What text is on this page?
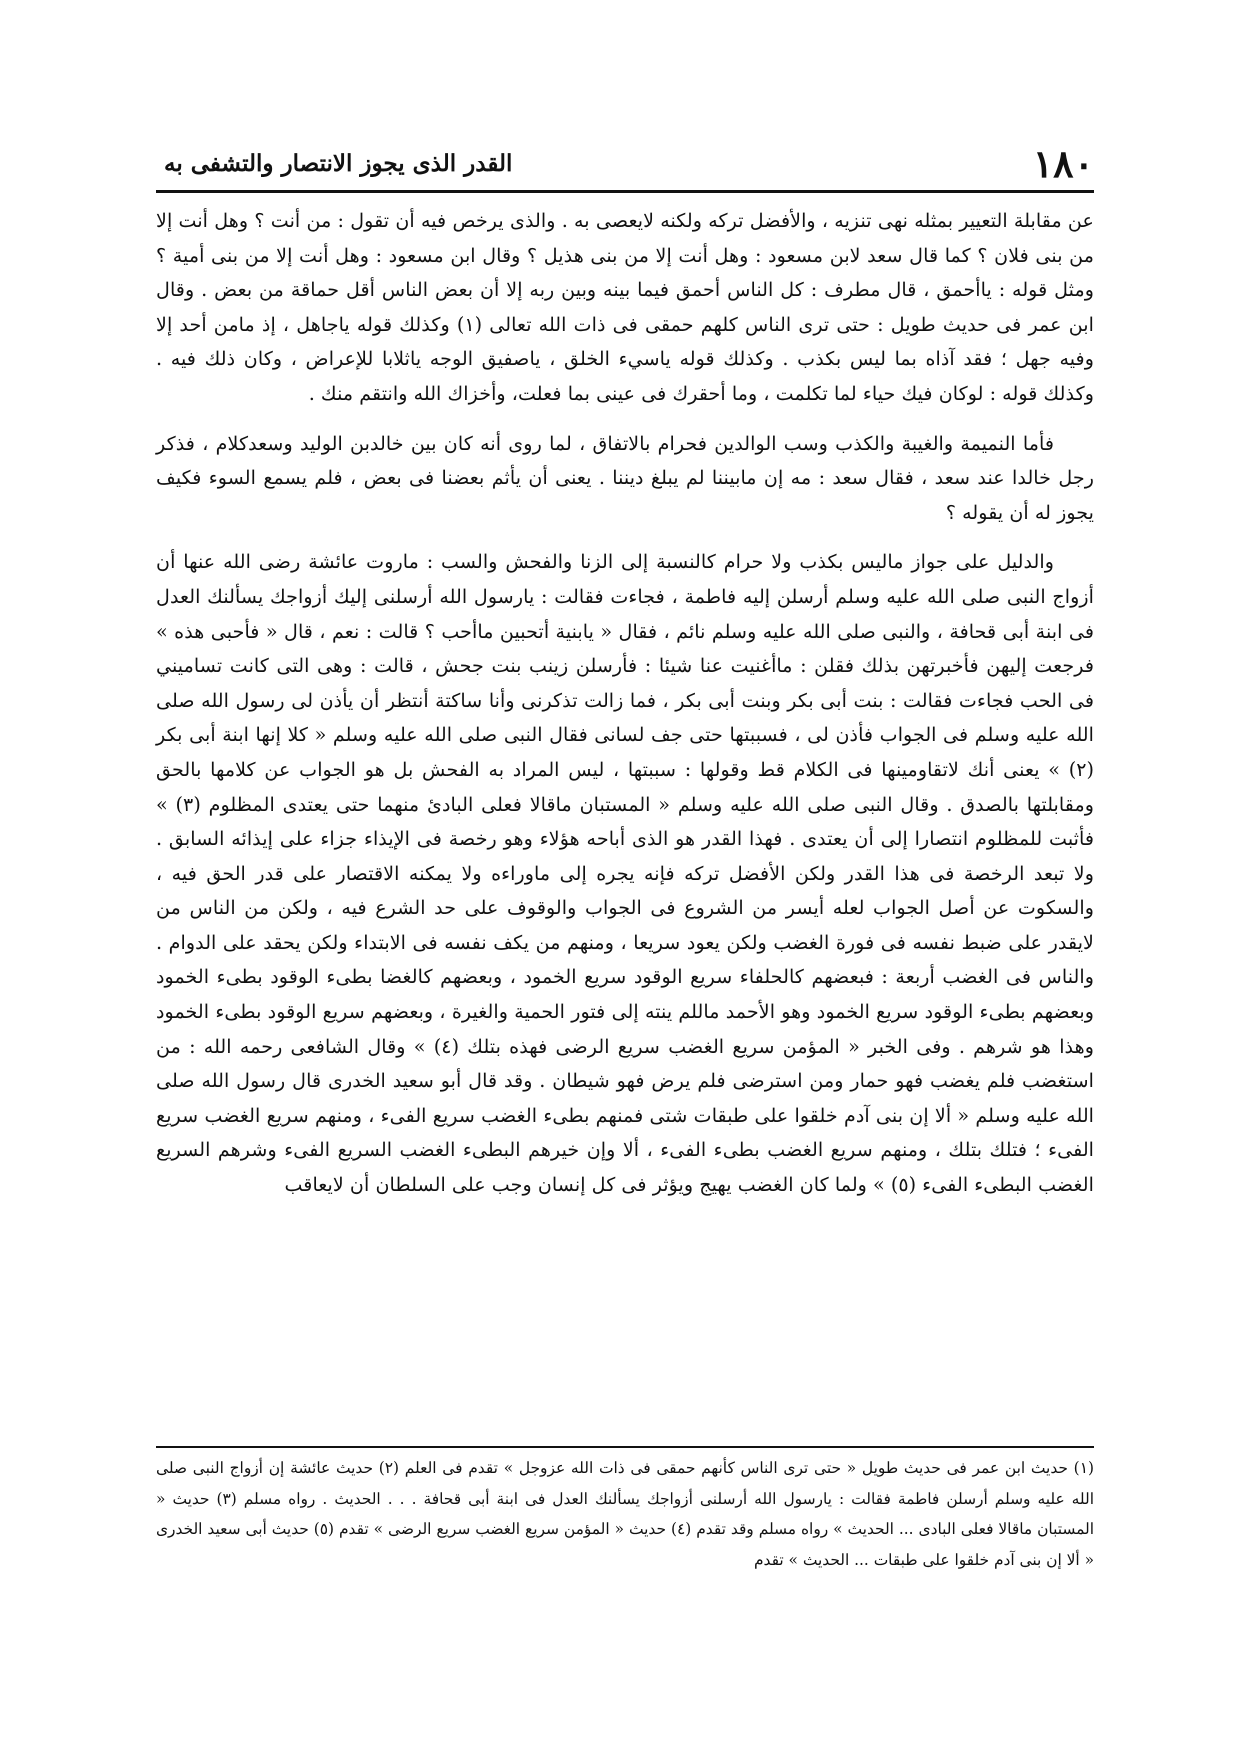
١٨٠
القدر الذى يجوز الانتصار والتشفى به

عن مقابلة التعيير بمثله نهى تنزيه ، والأفضل تركه ولكنه لايعصى به . والذى يرخص فيه أن تقول : من أنت ؟ وهل أنت إلا من بنى فلان ؟ كما قال سعد لابن مسعود : وهل أنت إلا من بنى هذيل ؟ وقال ابن مسعود : وهل أنت إلا من بنى أمية ؟ ومثل قوله : ياأحمق ، قال مطرف : كل الناس أحمق فيما بينه وبين ربه إلا أن بعض الناس أقل حماقة من بعض . وقال ابن عمر فى حديث طويل : حتى ترى الناس كلهم حمقى فى ذات الله تعالى (١) وكذلك قوله ياجاهل ، إذ مامن أحد إلا وفيه جهل ؛ فقد آذاه بما ليس بكذب . وكذلك قوله ياسيء الخلق ، ياصفيق الوجه ياثلابا للإعراض ، وكان ذلك فيه . وكذلك قوله : لوكان فيك حياء لما تكلمت ، وما أحقرك فى عينى بما فعلت، وأخزاك الله وانتقم منك .

فأما النميمة والغيبة والكذب وسب الوالدين فحرام بالاتفاق ، لما روى أنه كان بين خالدبن الوليد وسعدكلام ، فذكر رجل خالدا عند سعد ، فقال سعد : مه إن مابيننا لم يبلغ ديننا . يعنى أن يأثم بعضنا فى بعض ، فلم يسمع السوء فكيف يجوز له أن يقوله ؟

والدليل على جواز ماليس بكذب ولا حرام كالنسبة إلى الزنا والفحش والسب : ماروت عائشة رضى الله عنها أن أزواج النبى صلى الله عليه وسلم أرسلن إليه فاطمة ، فجاءت فقالت : يارسول الله أرسلنى إليك أزواجك يسألنك العدل فى ابنة أبى قحافة ، والنبى صلى الله عليه وسلم نائم ، فقال « يابنية أتحبين ماأحب ؟ قالت : نعم ، قال « فأحبى هذه » فرجعت إليهن فأخبرتهن بذلك فقلن : ماأغنيت عنا شيئا : فأرسلن زينب بنت جحش ، قالت : وهى التى كانت تساميني فى الحب فجاءت فقالت : بنت أبى بكر وبنت أبى بكر ، فما زالت تذكرنى وأنا ساكتة أنتظر أن يأذن لى رسول الله صلى الله عليه وسلم فى الجواب فأذن لى ، فسببتها حتى جف لسانى فقال النبى صلى الله عليه وسلم « كلا إنها ابنة أبى بكر (٢) » يعنى أنك لاتقاومينها فى الكلام قط وقولها : سببتها ، ليس المراد به الفحش بل هو الجواب عن كلامها بالحق ومقابلتها بالصدق . وقال النبى صلى الله عليه وسلم « المستبان ماقالا فعلى البادئ منهما حتى يعتدى المظلوم (٣) » فأثبت للمظلوم انتصارا إلى أن يعتدى . فهذا القدر هو الذى أباحه هؤلاء وهو رخصة فى الإيذاء جزاء على إيذائه السابق . ولا تبعد الرخصة فى هذا القدر ولكن الأفضل تركه فإنه يجره إلى ماوراءه ولا يمكنه الاقتصار على قدر الحق فيه ، والسكوت عن أصل الجواب لعله أيسر من الشروع فى الجواب والوقوف على حد الشرع فيه ، ولكن من الناس من لايقدر على ضبط نفسه فى فورة الغضب ولكن يعود سريعا ، ومنهم من يكف نفسه فى الابتداء ولكن يحقد على الدوام . والناس فى الغضب أربعة : فبعضهم كالحلفاء سريع الوقود سريع الخمود ، وبعضهم كالغضا بطىء الوقود بطىء الخمود وبعضهم بطىء الوقود سريع الخمود وهو الأحمد ماللم ينته إلى فتور الحمية والغيرة ، وبعضهم سريع الوقود بطىء الخمود وهذا هو شرهم . وفى الخبر « المؤمن سريع الغضب سريع الرضى فهذه بتلك (٤) » وقال الشافعى رحمه الله : من استغضب فلم يغضب فهو حمار ومن استرضى فلم يرض فهو شيطان . وقد قال أبو سعيد الخدرى قال رسول الله صلى الله عليه وسلم « ألا إن بنى آدم خلقوا على طبقات شتى فمنهم بطىء الغضب سريع الفىء ، ومنهم سريع الغضب سريع الفىء ؛ فتلك بتلك ، ومنهم سريع الغضب بطىء الفىء ، ألا وإن خيرهم البطىء الغضب السريع الفىء وشرهم السريع الغضب البطىء الفىء (٥) » ولما كان الغضب يهيج ويؤثر فى كل إنسان وجب على السلطان أن لايعاقب

(١) حديث ابن عمر فى حديث طويل « حتى ترى الناس كأنهم حمقى فى ذات الله عزوجل » تقدم فى العلم (٢) حديث عائشة إن أزواج النبى صلى الله عليه وسلم أرسلن فاطمة فقالت : يارسول الله أرسلنى أزواجك يسألنك العدل فى ابنة أبى قحافة . . . الحديث . رواه مسلم (٣) حديث « المستبان ماقالا فعلى البادى ... الحديث » رواه مسلم وقد تقدم (٤) حديث « المؤمن سريع الغضب سريع الرضى » تقدم (٥) حديث أبى سعيد الخدرى « ألا إن بنى آدم خلقوا على طبقات ... الحديث » تقدم
